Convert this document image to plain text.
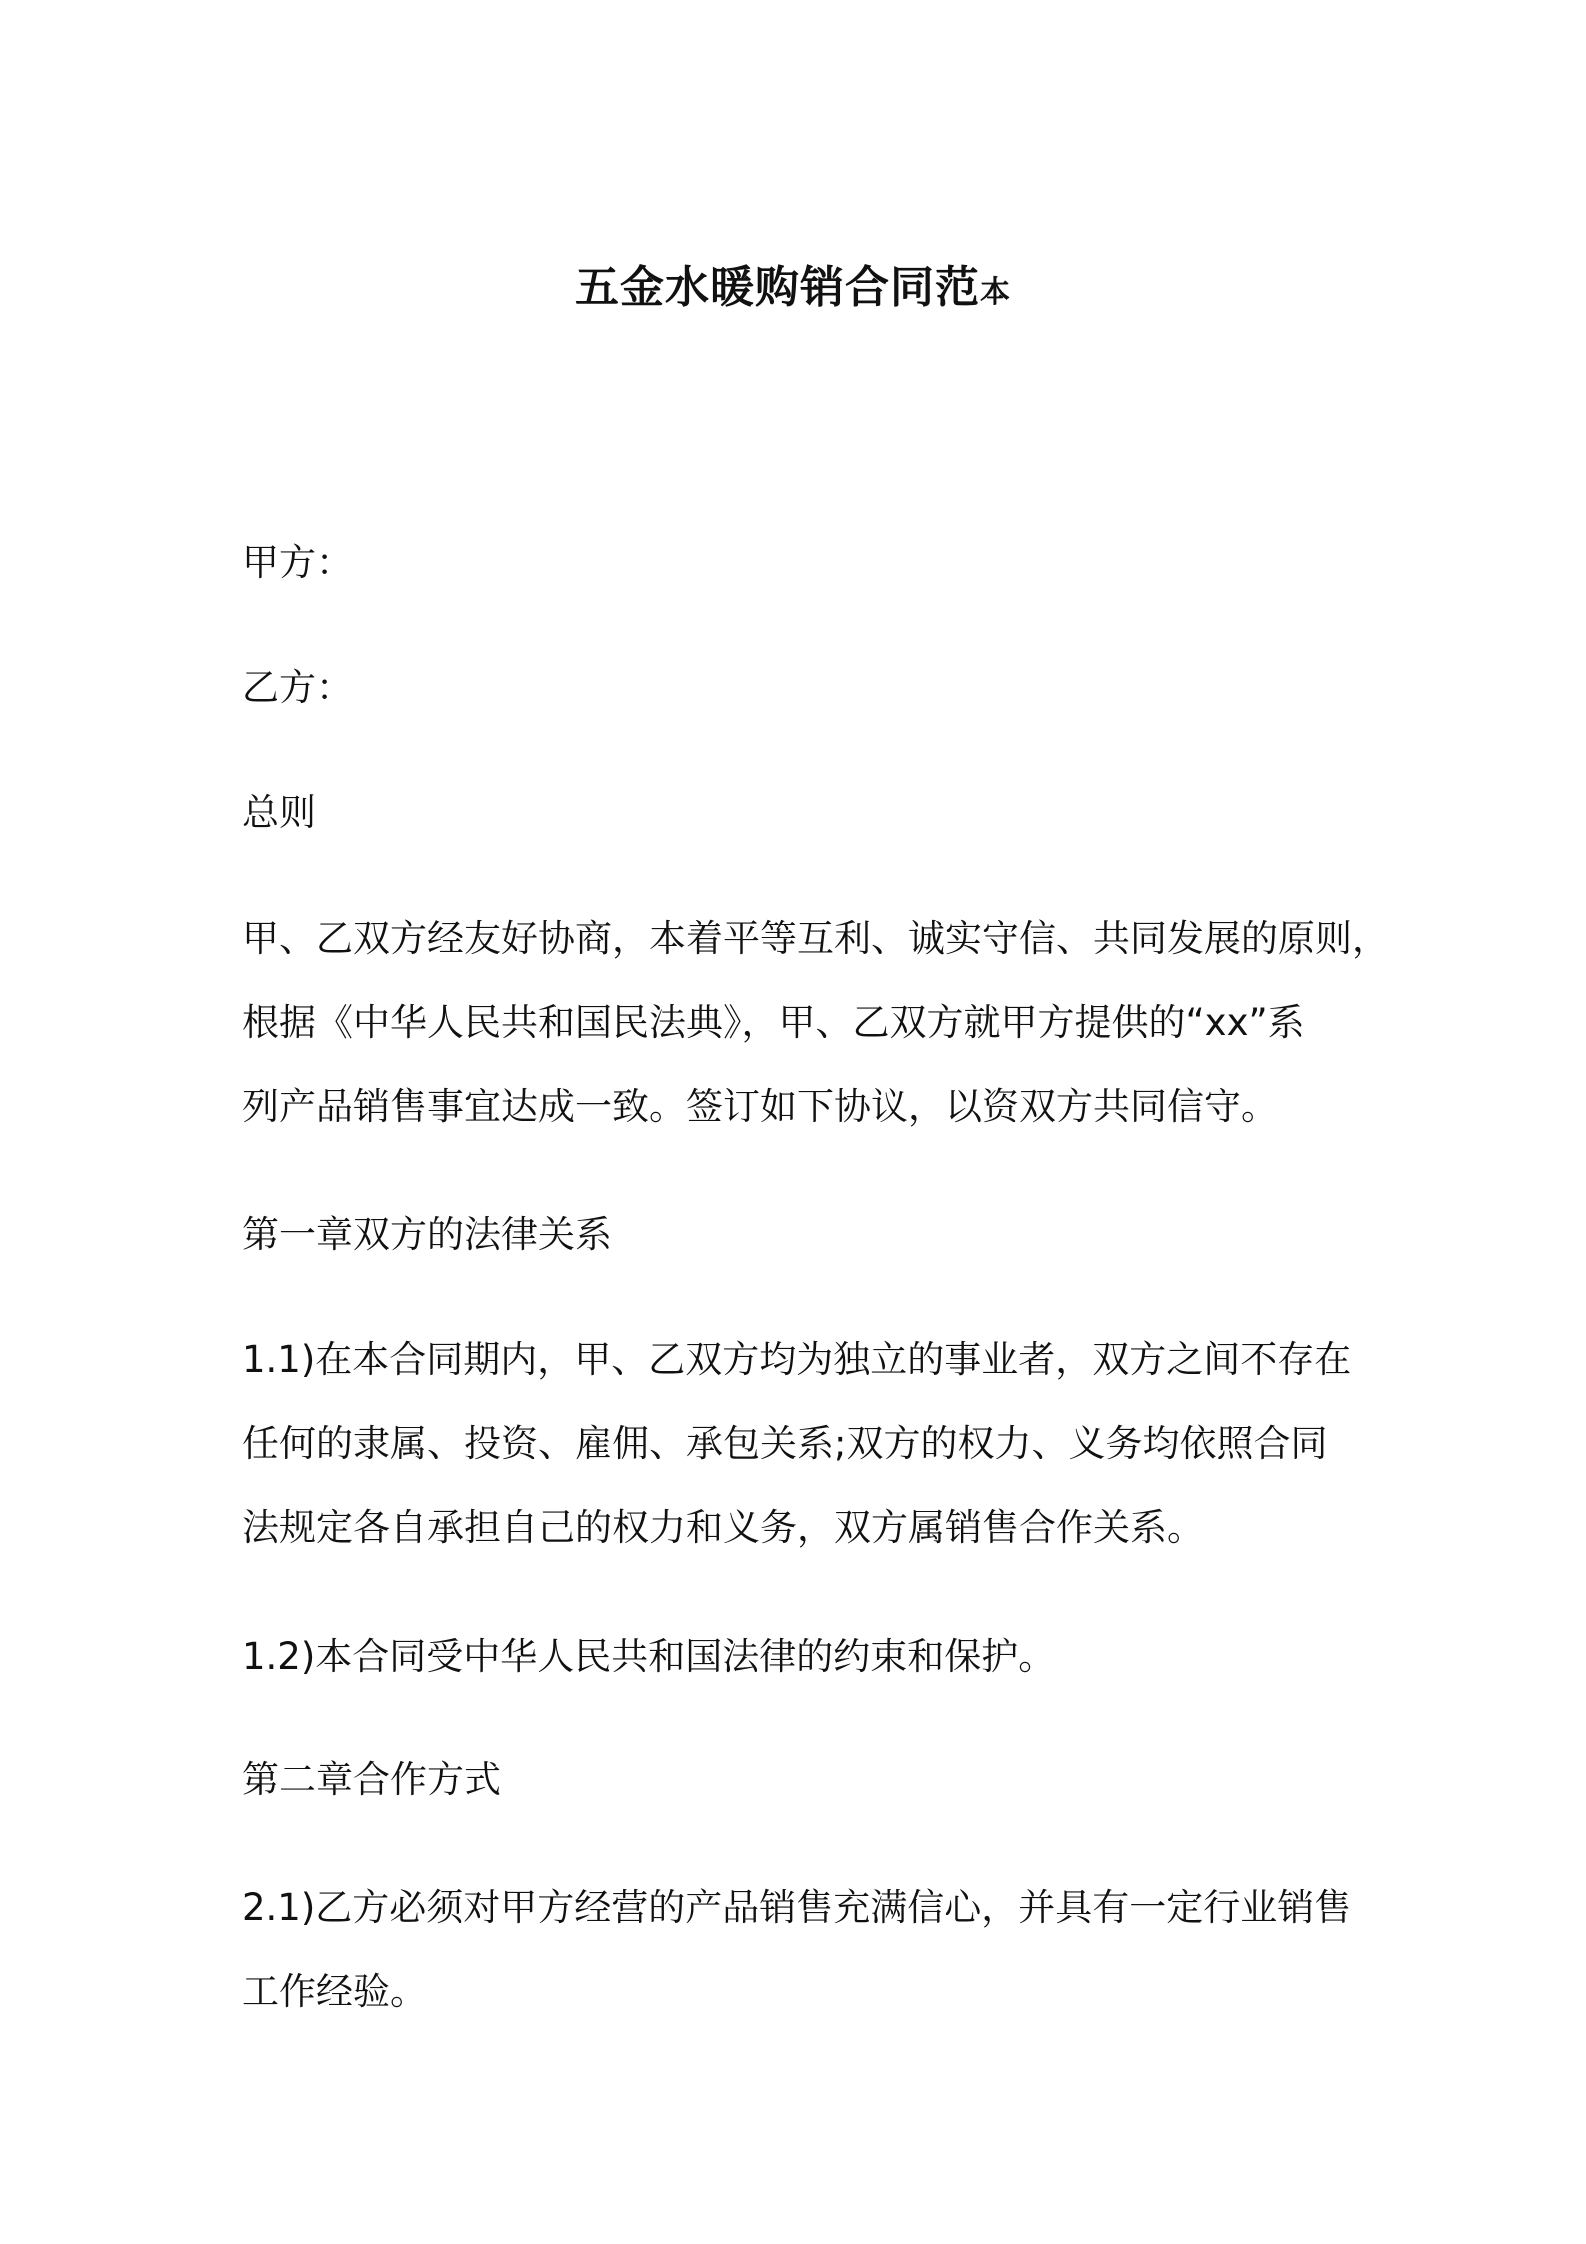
五金水暖购销合同范本
甲方：
乙方：
总则
甲、乙双方经友好协商，本着平等互利、诚实守信、共同发展的原则，
根据《中华人民共和国民法典》，甲、乙双方就甲方提供的“xx”系
列产品销售事宜达成一致。签订如下协议，以资双方共同信守。
第一章双方的法律关系
1.1)在本合同期内，甲、乙双方均为独立的事业者，双方之间不存在
任何的隶属、投资、雇佣、承包关系;双方的权力、义务均依照合同
法规定各自承担自己的权力和义务，双方属销售合作关系。
1.2)本合同受中华人民共和国法律的约束和保护。
第二章合作方式
2.1)乙方必须对甲方经营的产品销售充满信心，并具有一定行业销售
工作经验。
